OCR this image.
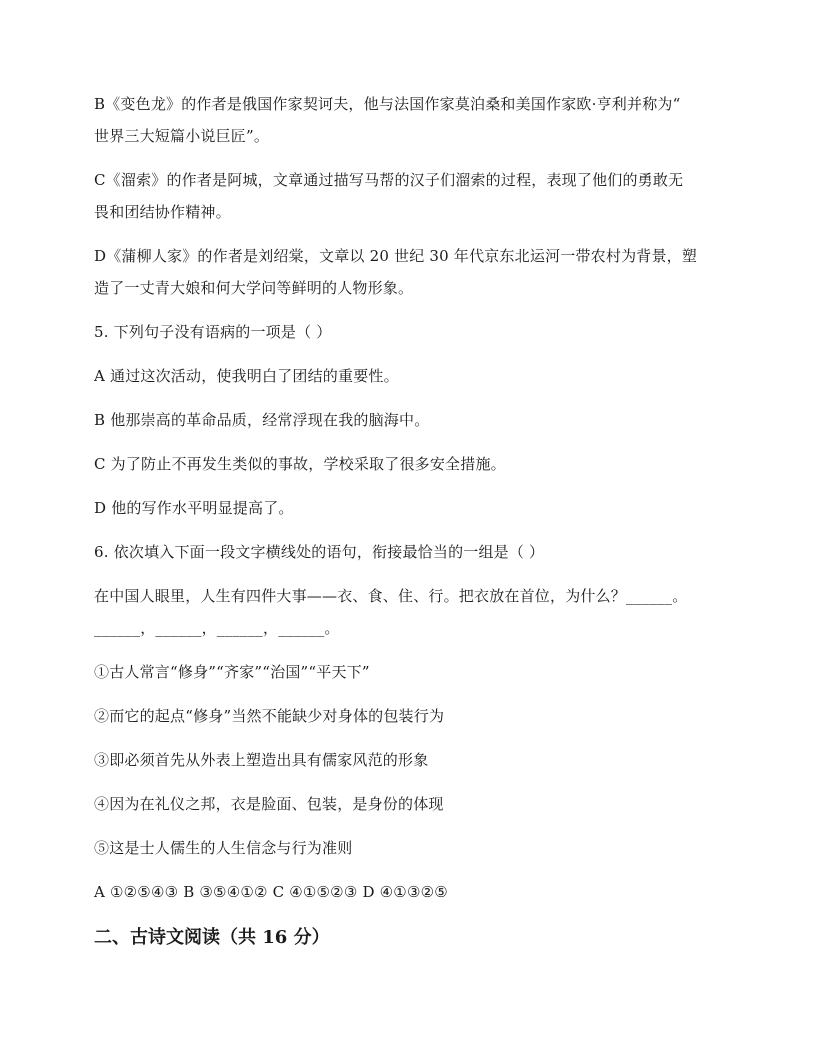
B《变色龙》的作者是俄国作家契诃夫，他与法国作家莫泊桑和美国作家欧·亨利并称为“
世界三大短篇小说巨匠”。
C《溜索》的作者是阿城，文章通过描写马帮的汉子们溜索的过程，表现了他们的勇敢无
畏和团结协作精神。
D《蒲柳人家》的作者是刘绍棠，文章以 20 世纪 30 年代京东北运河一带农村为背景，塑
造了一丈青大娘和何大学问等鲜明的人物形象。
5. 下列句子没有语病的一项是（ ）
A 通过这次活动，使我明白了团结的重要性。
B 他那崇高的革命品质，经常浮现在我的脑海中。
C 为了防止不再发生类似的事故，学校采取了很多安全措施。
D 他的写作水平明显提高了。
6. 依次填入下面一段文字横线处的语句，衔接最恰当的一组是（ ）
在中国人眼里，人生有四件大事——衣、食、住、行。把衣放在首位，为什么？______。
______，______，______，______。
①古人常言“修身”“齐家”“治国”“平天下”
②而它的起点“修身”当然不能缺少对身体的包装行为
③即必须首先从外表上塑造出具有儒家风范的形象
④因为在礼仪之邦，衣是脸面、包装，是身份的体现
⑤这是士人儒生的人生信念与行为准则
A ①②⑤④③ B ③⑤④①② C ④①⑤②③ D ④①③②⑤
二、古诗文阅读（共 16 分）
